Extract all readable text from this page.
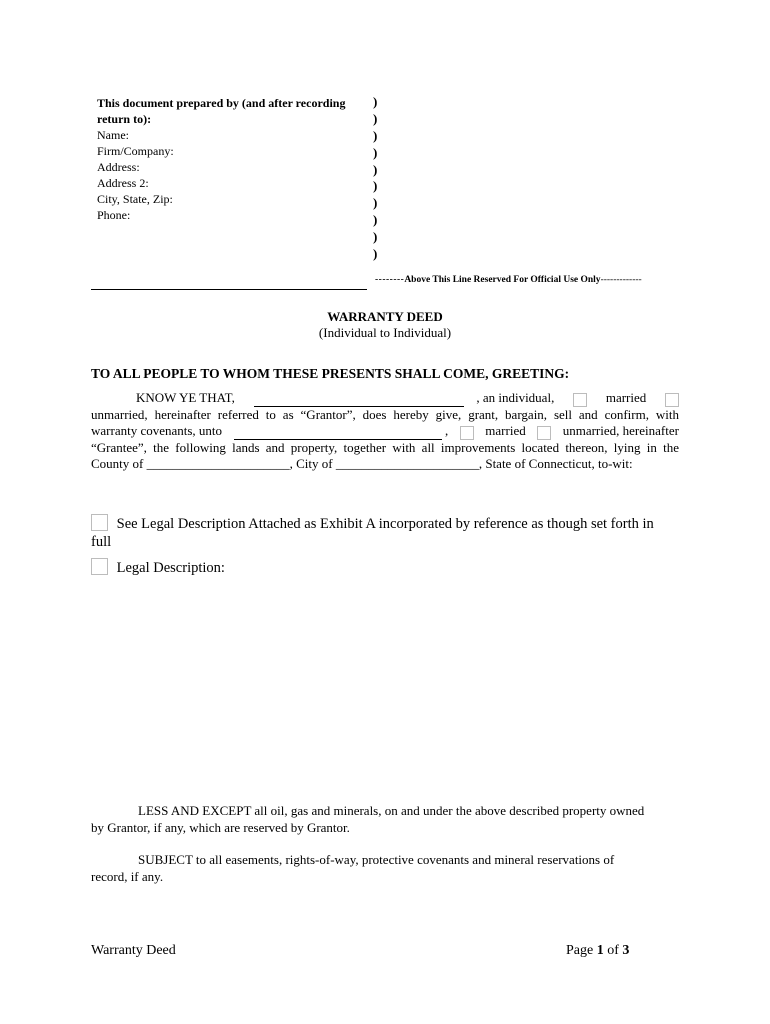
This document prepared by (and after recording
return to):
Name:
Firm/Company:
Address:
Address 2:
City, State, Zip:
Phone:
)
)
)
)
)
)
)
)
)
)
--------Above This Line Reserved For Official Use Only-------------
WARRANTY DEED
(Individual to Individual)
TO ALL PEOPLE TO WHOM THESE PRESENTS SHALL COME, GREETING:
KNOW YE THAT,	, an individual,	married
unmarried, hereinafter referred to as “Grantor”, does hereby give, grant, bargain, sell and confirm, with
warranty covenants, unto	,	married	unmarried, hereinafter
“Grantee”, the following lands and property, together with all improvements located thereon, lying in the
County of ______________________, City of ______________________, State of Connecticut, to-wit:
See Legal Description Attached as Exhibit A incorporated by reference as though set forth in
full
Legal Description:
LESS AND EXCEPT all oil, gas and minerals, on and under the above described property owned
by Grantor, if any, which are reserved by Grantor.
SUBJECT to all easements, rights-of-way, protective covenants and mineral reservations of
record, if any.
Warranty Deed	Page 1 of 3
